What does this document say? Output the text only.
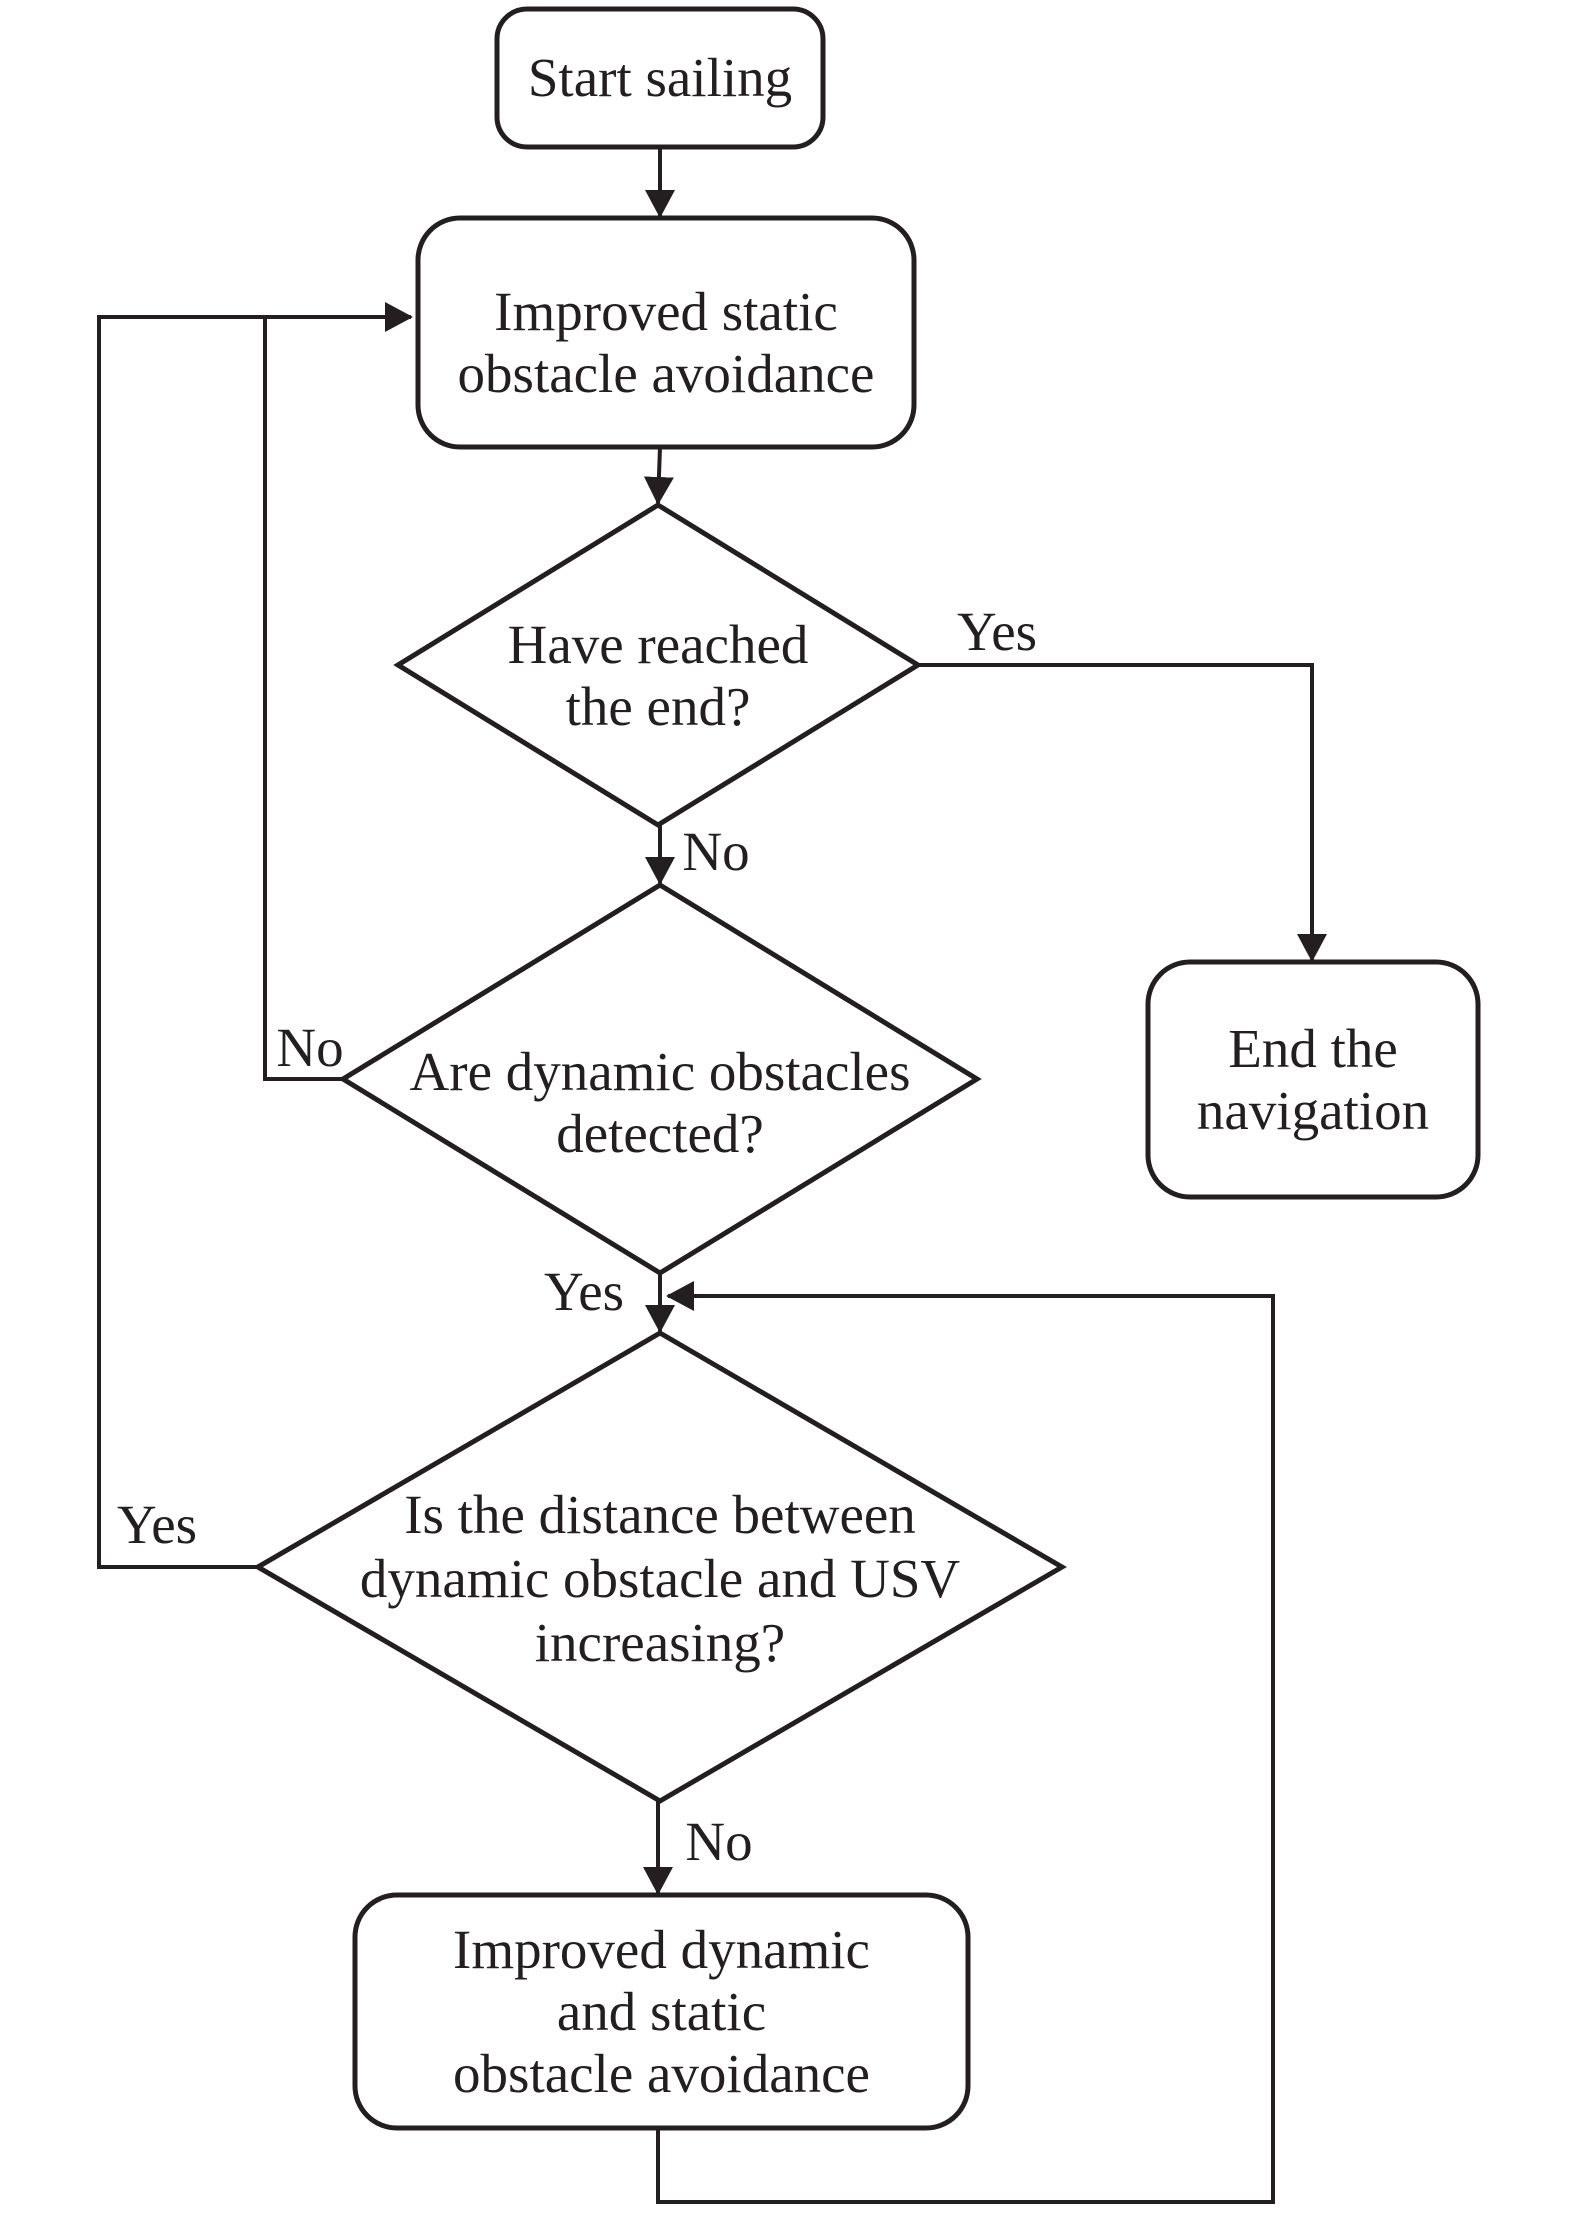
Start sailing
Improved static
obstacle avoidance
Have reached
the end?
End the
navigation
Are dynamic obstacles
detected?
Is the distance between
dynamic obstacle and USV
increasing?
Improved dynamic
and static
obstacle avoidance
Yes
No
No
Yes
Yes
No
